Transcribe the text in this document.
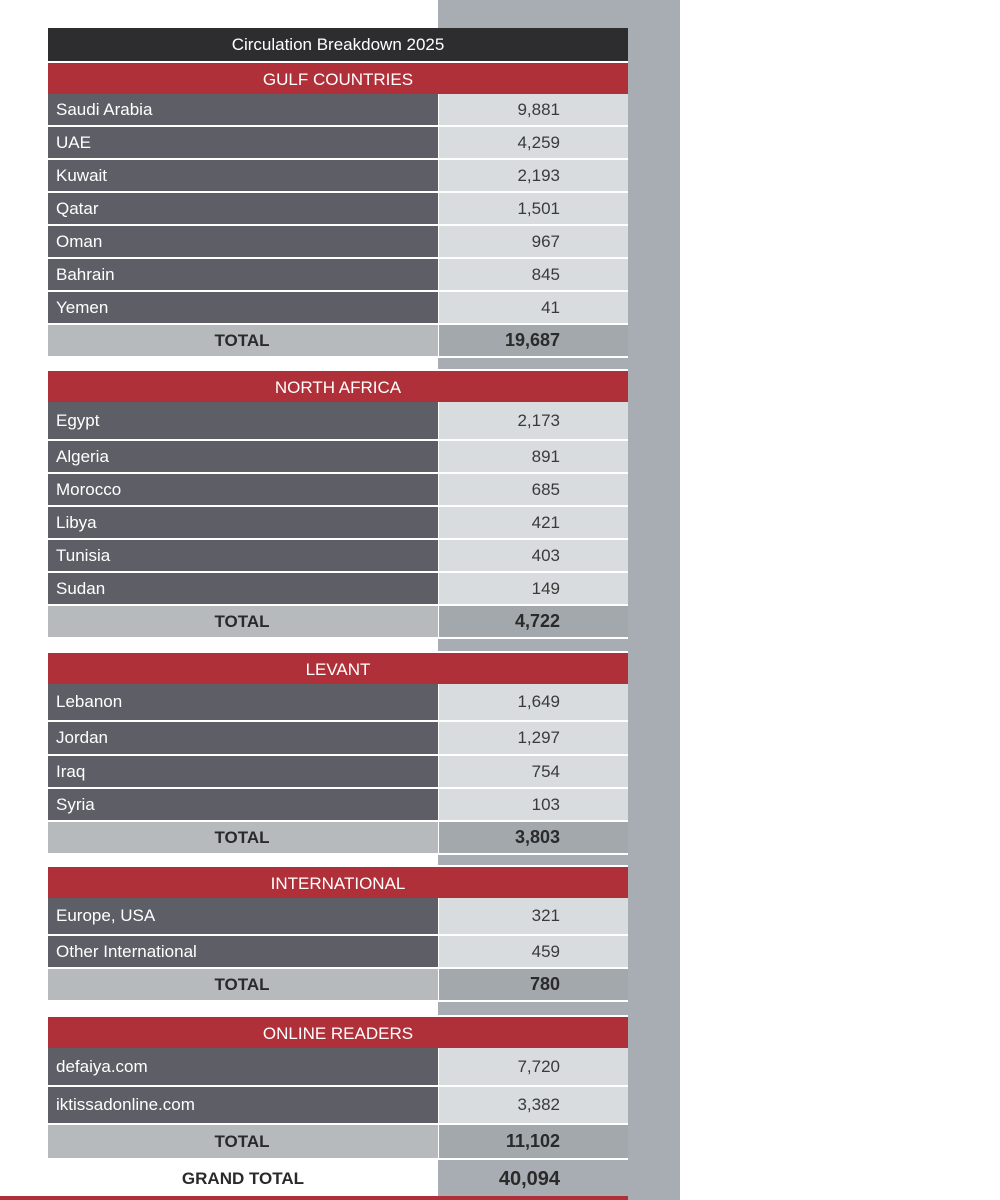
Circulation Breakdown 2025
GULF COUNTRIES
Saudi Arabia	9,881
UAE	4,259
Kuwait	2,193
Qatar	1,501
Oman	967
Bahrain	845
Yemen	41
TOTAL	19,687
NORTH AFRICA
Egypt	2,173
Algeria	891
Morocco	685
Libya	421
Tunisia	403
Sudan	149
TOTAL	4,722
LEVANT
Lebanon	1,649
Jordan	1,297
Iraq	754
Syria	103
TOTAL	3,803
INTERNATIONAL
Europe, USA	321
Other International	459
TOTAL	780
ONLINE READERS
defaiya.com	7,720
iktissadonline.com	3,382
TOTAL	11,102
GRAND TOTAL	40,094
